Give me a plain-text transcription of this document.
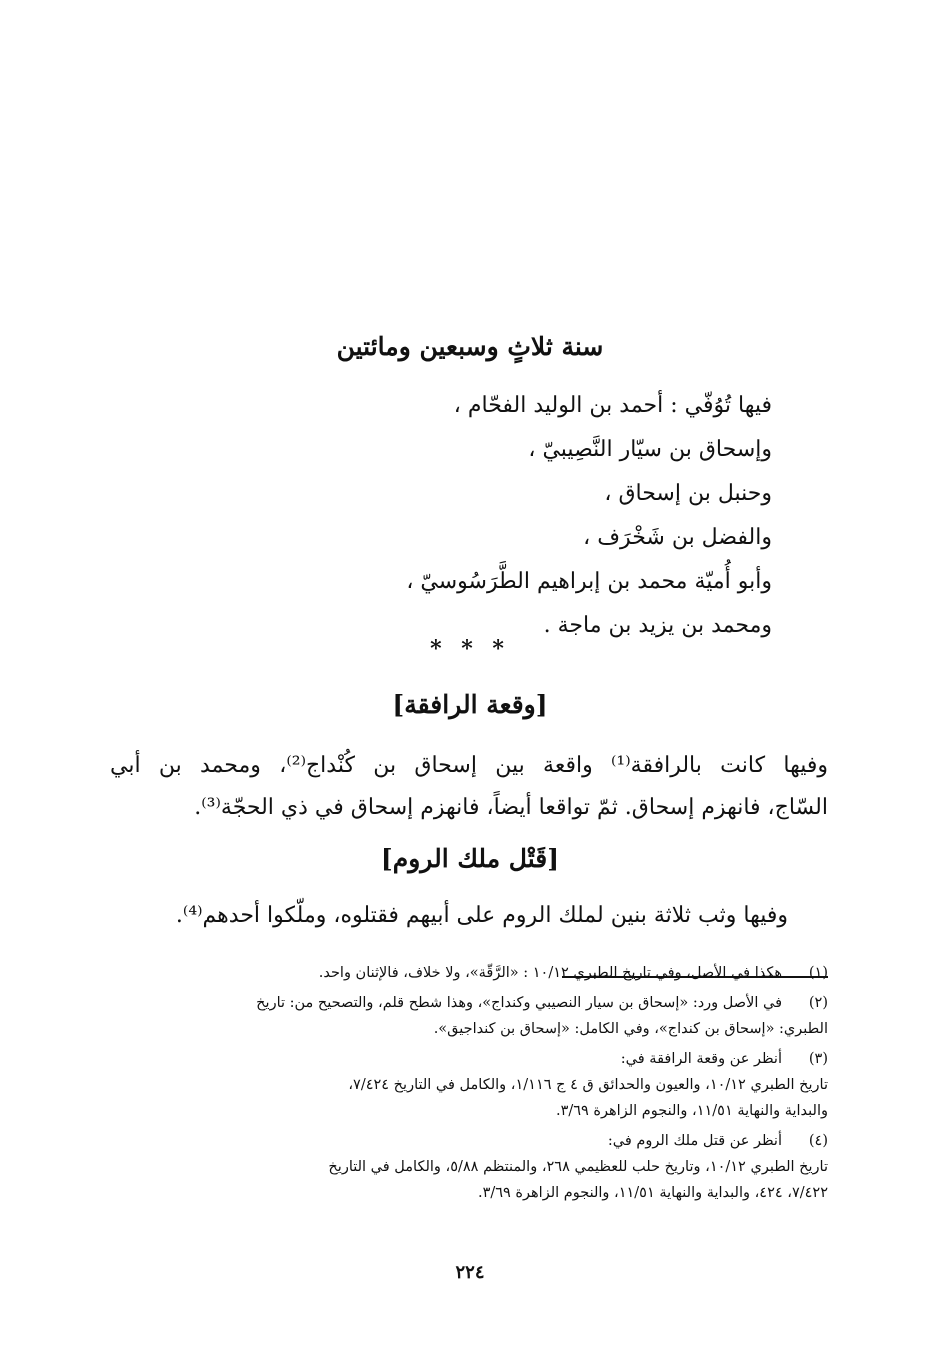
سنة ثلاثٍ وسبعين ومائتين
فيها تُوُفّي : أحمد بن الوليد الفحّام ،
وإسحاق بن سيّار النَّصِيبيّ ،
وحنبل بن إسحاق ،
والفضل بن شَخْرَف ،
وأبو أُميّة محمد بن إبراهيم الطَّرَسُوسيّ ،
ومحمد بن يزيد بن ماجة .
* * *
[وقعة الرافقة]

وفيها كانت بالرافقة⁽¹⁾ واقعة بين إسحاق بن كُنْداج⁽²⁾، ومحمد بن أبي

السّاج، فانهزم إسحاق. ثمّ تواقعا أيضاً، فانهزم إسحاق في ذي الحجّة⁽³⁾.

[قَتْل ملك الروم]

وفيها وثب ثلاثة بنين لملك الروم على أبيهم فقتلوه، وملّكوا أحدهم⁽⁴⁾.

(١)
هكذا في الأصل، وفي تاريخ الطبري ١٠/١٢ : «الرَّقّة»، ولا خلاف، فالإثنان واحد.
(٢)
في الأصل ورد: «إسحاق بن سيار النصيبي وكنداج»، وهذا شطح قلم، والتصحيح من: تاريخ
الطبري: «إسحاق بن كنداج»، وفي الكامل: «إسحاق بن كنداجيق».
(٣)
أنظر عن وقعة الرافقة في:
تاريخ الطبري ١٠/١٢، والعيون والحدائق ق ٤ ج ١/١١٦، والكامل في التاريخ ٧/٤٢٤،
والبداية والنهاية ١١/٥١، والنجوم الزاهرة ٣/٦٩.
(٤)
أنظر عن قتل ملك الروم في:
تاريخ الطبري ١٠/١٢، وتاريخ حلب للعظيمي ٢٦٨، والمنتظم ٥/٨٨، والكامل في التاريخ
٧/٤٢٢، ٤٢٤، والبداية والنهاية ١١/٥١، والنجوم الزاهرة ٣/٦٩.
٢٢٤
